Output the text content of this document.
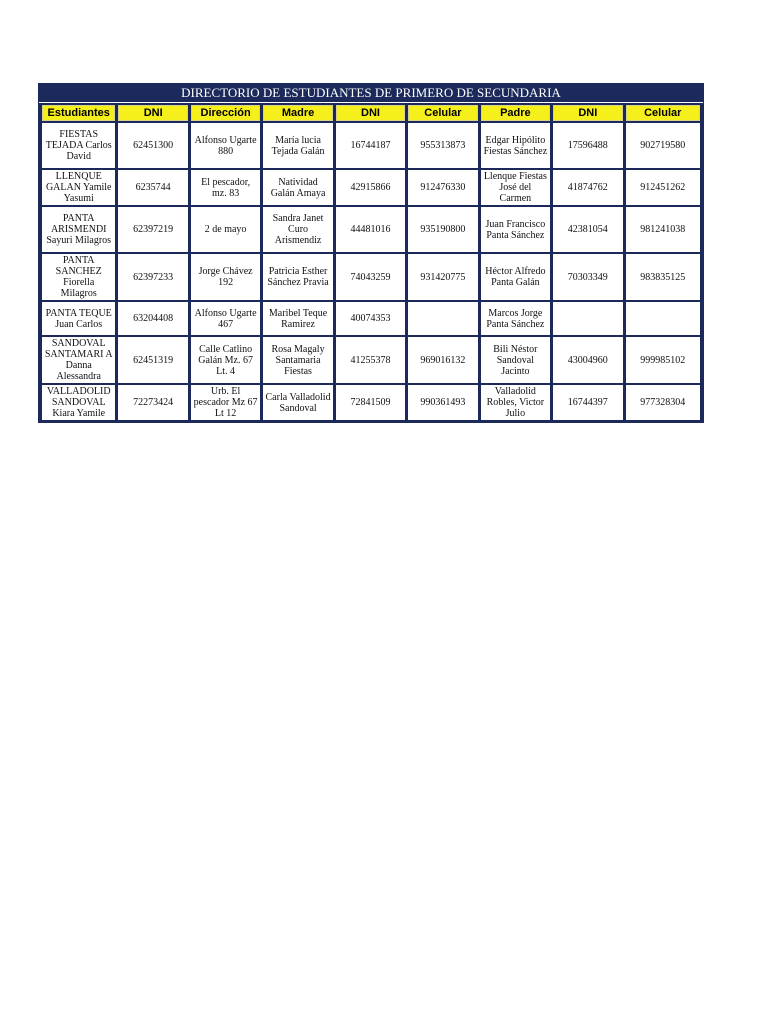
DIRECTORIO DE ESTUDIANTES DE PRIMERO DE SECUNDARIA
Estudiantes	DNI	Dirección	Madre	DNI	Celular	Padre	DNI	Celular
FIESTAS TEJADA Carlos David	62451300	Alfonso Ugarte 880	María lucia Tejada Galán	16744187	955313873	Edgar Hipólito Fiestas Sánchez	17596488	902719580
LLENQUE GALAN Yamile Yasumi	6235744	El pescador, mz. 83	Natividad Galán Amaya	42915866	912476330	Llenque Fiestas José del Carmen	41874762	912451262
PANTA ARISMENDI Sayuri Milagros	62397219	2 de mayo	Sandra Janet Curo Arismendiz	44481016	935190800	Juan Francisco Panta Sánchez	42381054	981241038
PANTA SANCHEZ Fiorella Milagros	62397233	Jorge Chávez 192	Patricia Esther Sánchez Pravia	74043259	931420775	Héctor Alfredo Panta Galán	70303349	983835125
PANTA TEQUE Juan Carlos	63204408	Alfonso Ugarte 467	Maribel Teque Ramirez	40074353		Marcos Jorge Panta Sánchez		
SANDOVAL SANTAMARI A Danna Alessandra	62451319	Calle Catlino Galán Mz. 67 Lt. 4	Rosa Magaly Santamaria Fiestas	41255378	969016132	Bili Néstor Sandoval Jacinto	43004960	999985102
VALLADOLID SANDOVAL Kiara Yamile	72273424	Urb. El pescador Mz 67 Lt 12	Carla Valladolid Sandoval	72841509	990361493	Valladolid Robles, Victor Julio	16744397	977328304
